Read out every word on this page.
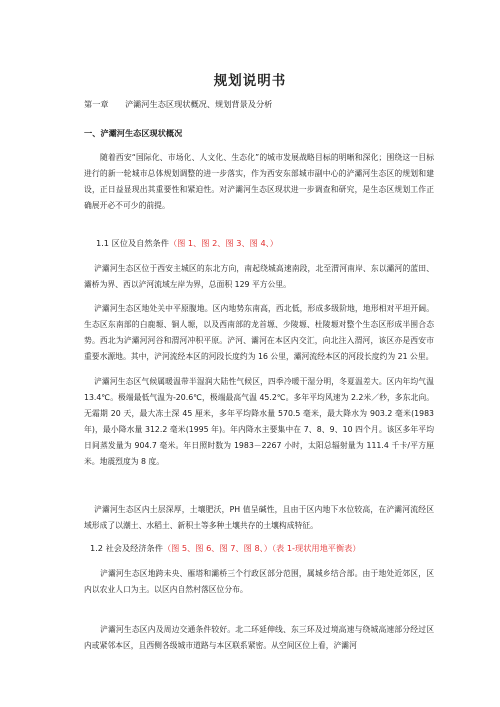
规划说明书
第一章　　浐灞河生态区现状概况、规划背景及分析
一、浐灞河生态区现状概况
随着西安“国际化、市场化、人文化、生态化”的城市发展战略目标的明晰和深化；围绕这一目标进行的新一轮城市总体规划调整的进一步落实，作为西安东部城市副中心的浐灞河生态区的规划和建设，正日益显现出其重要性和紧迫性。对浐灞河生态区现状进一步调查和研究，是生态区规划工作正确展开必不可少的前提。
1.1 区位及自然条件（图 1、图 2、图 3、图 4、）
浐灞河生态区位于西安主城区的东北方向，南起绕城高速南段，北至渭河南岸、东以灞河的蓝田、灞桥为界、西以浐河流域左岸为界，总面积 129 平方公里。
浐灞河生态区地处关中平原腹地。区内地势东南高，西北低，形成多级阶地，地形相对平坦开阔。生态区东南部的白鹿塬、铜人塬，以及西南部的龙首塬、少陵塬、杜陵塬对整个生态区形成半围合态势。西北为浐灞河河谷和渭河冲积平原。浐河、灞河在本区内交汇，向北注入渭河，该区亦是西安市重要水源地。其中，浐河流经本区的河段长度约为 16 公里，灞河流经本区的河段长度约为 21 公里。
浐灞河生态区气候属暖温带半湿润大陆性气候区，四季冷暖干湿分明，冬夏温差大。区内年均气温 13.4℃。极端最低气温为-20.6℃，极端最高气温 45.2℃。多年平均风速为 2.2米／秒，多东北向。无霜期 20 天，最大冻土深 45 厘米，多年平均降水量 570.5 毫米，最大降水为 903.2 毫米(1983 年)，最小降水量 312.2 毫米(1995 年)。年内降水主要集中在 7、8、9、10 四个月。该区多年平均日间蒸发量为 904.7 毫米。年日照时数为 1983－2267 小时，太阳总辐射量为 111.4 千卡/平方厘米。地震烈度为 8 度。
浐灞河生态区内土层深厚，土壤肥沃，PH 值呈碱性，且由于区内地下水位较高，在浐灞河流经区域形成了以潮土、水稻土、新积土等多种土壤共存的土壤构成特征。
1.2 社会及经济条件（图 5、图 6、图 7、图 8、）（表 1-现状用地平衡表）
浐灞河生态区地跨未央、雁塔和灞桥三个行政区部分范围，属城乡结合部。由于地处近郊区，区内以农业人口为主。以区内自然村落区位分布。
浐灞河生态区内及周边交通条件较好。北二环延伸线、东三环及过境高速与绕城高速部分经过区内或紧邻本区，且西侧各级城市道路与本区联系紧密。从空间区位上看，浐灞河
